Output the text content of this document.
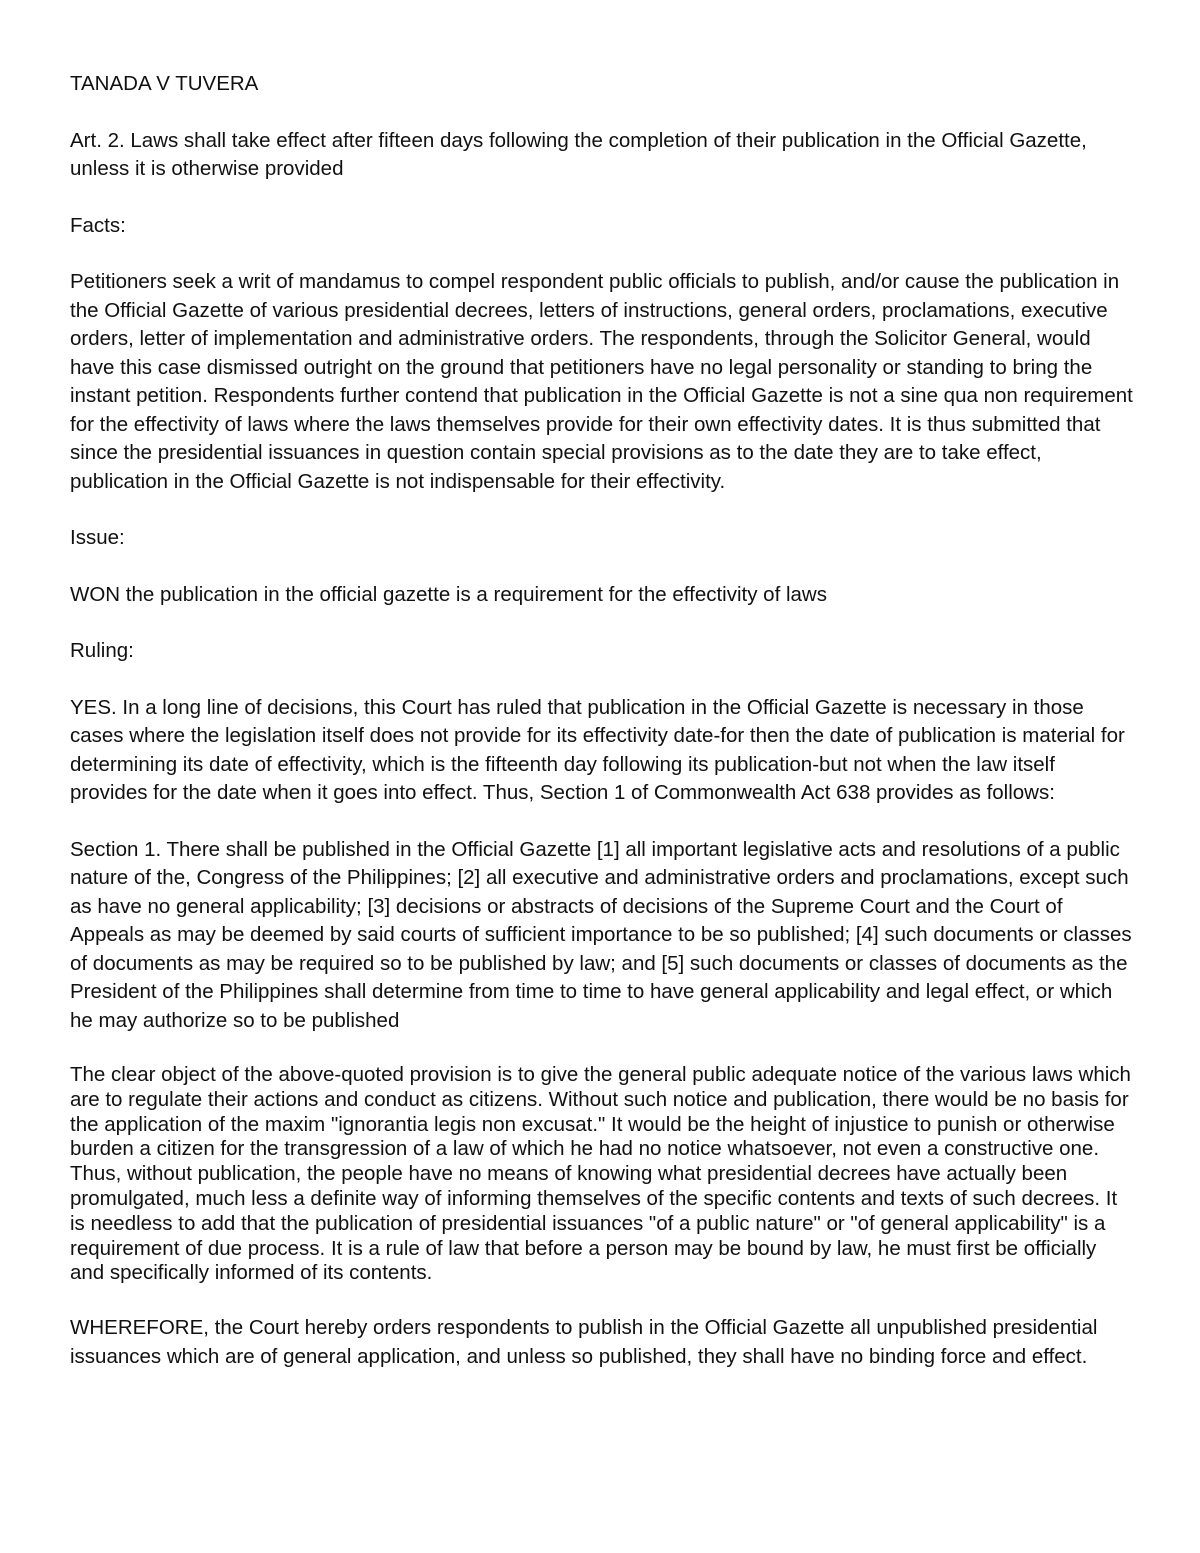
TANADA V TUVERA

Art. 2. Laws shall take effect after fifteen days following the completion of their publication in the Official Gazette, unless it is otherwise provided

Facts:

Petitioners seek a writ of mandamus to compel respondent public officials to publish, and/or cause the publication in the Official Gazette of various presidential decrees, letters of instructions, general orders, proclamations, executive orders, letter of implementation and administrative orders. The respondents, through the Solicitor General, would have this case dismissed outright on the ground that petitioners have no legal personality or standing to bring the instant petition. Respondents further contend that publication in the Official Gazette is not a sine qua non requirement for the effectivity of laws where the laws themselves provide for their own effectivity dates. It is thus submitted that since the presidential issuances in question contain special provisions as to the date they are to take effect, publication in the Official Gazette is not indispensable for their effectivity.

Issue:

WON the publication in the official gazette is a requirement for the effectivity of laws

Ruling:

YES. In a long line of decisions, this Court has ruled that publication in the Official Gazette is necessary in those cases where the legislation itself does not provide for its effectivity date-for then the date of publication is material for determining its date of effectivity, which is the fifteenth day following its publication-but not when the law itself provides for the date when it goes into effect. Thus, Section 1 of Commonwealth Act 638 provides as follows:

Section 1. There shall be published in the Official Gazette [1] all important legislative acts and resolutions of a public nature of the, Congress of the Philippines; [2] all executive and administrative orders and proclamations, except such as have no general applicability; [3] decisions or abstracts of decisions of the Supreme Court and the Court of Appeals as may be deemed by said courts of sufficient importance to be so published; [4] such documents or classes of documents as may be required so to be published by law; and [5] such documents or classes of documents as the President of the Philippines shall determine from time to time to have general applicability and legal effect, or which he may authorize so to be published

The clear object of the above-quoted provision is to give the general public adequate notice of the various laws which are to regulate their actions and conduct as citizens. Without such notice and publication, there would be no basis for the application of the maxim "ignorantia legis non excusat." It would be the height of injustice to punish or otherwise burden a citizen for the transgression of a law of which he had no notice whatsoever, not even a constructive one. Thus, without publication, the people have no means of knowing what presidential decrees have actually been promulgated, much less a definite way of informing themselves of the specific contents and texts of such decrees. It is needless to add that the publication of presidential issuances "of a public nature" or "of general applicability" is a requirement of due process. It is a rule of law that before a person may be bound by law, he must first be officially and specifically informed of its contents.

WHEREFORE, the Court hereby orders respondents to publish in the Official Gazette all unpublished presidential issuances which are of general application, and unless so published, they shall have no binding force and effect.
